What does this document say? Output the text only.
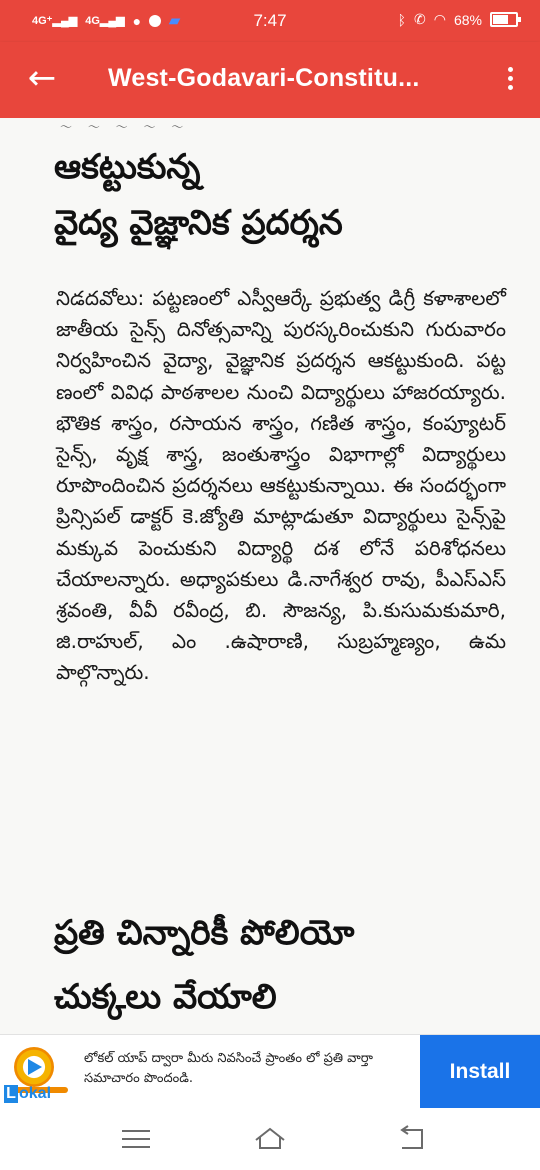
4G⁺▂▄▆ 4G▂▄▆ ● ▰	7:47	ᛒ ✆ ◠ 68%
← West-Godavari-Constitu...
～ ～ ～ ～ ～
ఆకట్టుకున్న
వైద్య వైజ్ఞానిక ప్రదర్శన

నిడదవోలు: పట్టణంలో ఎస్వీఆర్కే ప్రభుత్వ డిగ్రీ కళాశాలలో జాతీయ సైన్స్ దినోత్సవాన్ని పురస్కరించుకుని గురువారం నిర్వహించిన వైద్యా, వైజ్ఞానిక ప్రదర్శన ఆకట్టుకుంది. పట్ట ణంలో వివిధ పాఠశాలల నుంచి విద్యార్థులు హాజరయ్యారు. భౌతిక శాస్త్రం, రసాయన శాస్త్రం, గణిత శాస్త్రం, కంప్యూటర్ సైన్స్, వృక్ష శాస్త్ర, జంతుశాస్త్రం విభాగాల్లో విద్యార్థులు రూపొందించిన ప్రదర్శనలు ఆకట్టుకున్నాయి. ఈ సందర్భంగా ప్రిన్సిపల్ డాక్టర్ కె.జ్యోతి మాట్లాడుతూ విద్యార్థులు సైన్స్‌పై మక్కువ పెంచుకుని విద్యార్థి దశ లోనే పరిశోధనలు చేయాలన్నారు. అధ్యాపకులు డి.నాగేశ్వర రావు, పీఎస్ఎస్ శ్రవంతి, వీవీ రవీంద్ర, బి. సౌజన్య, పి.కుసుమకుమారి, జి.రాహుల్, ఎం .ఉషారాణి, సుబ్రహ్మణ్యం, ఉమ పాల్గొన్నారు.

ప్రతి చిన్నారికీ పోలియో
చుక్కలు వేయాలి
L okal
లోకల్ యాప్ ద్వారా మీరు నివసించే ప్రాంతం లో ప్రతి వార్తా సమాచారం పొందండి.	Install
